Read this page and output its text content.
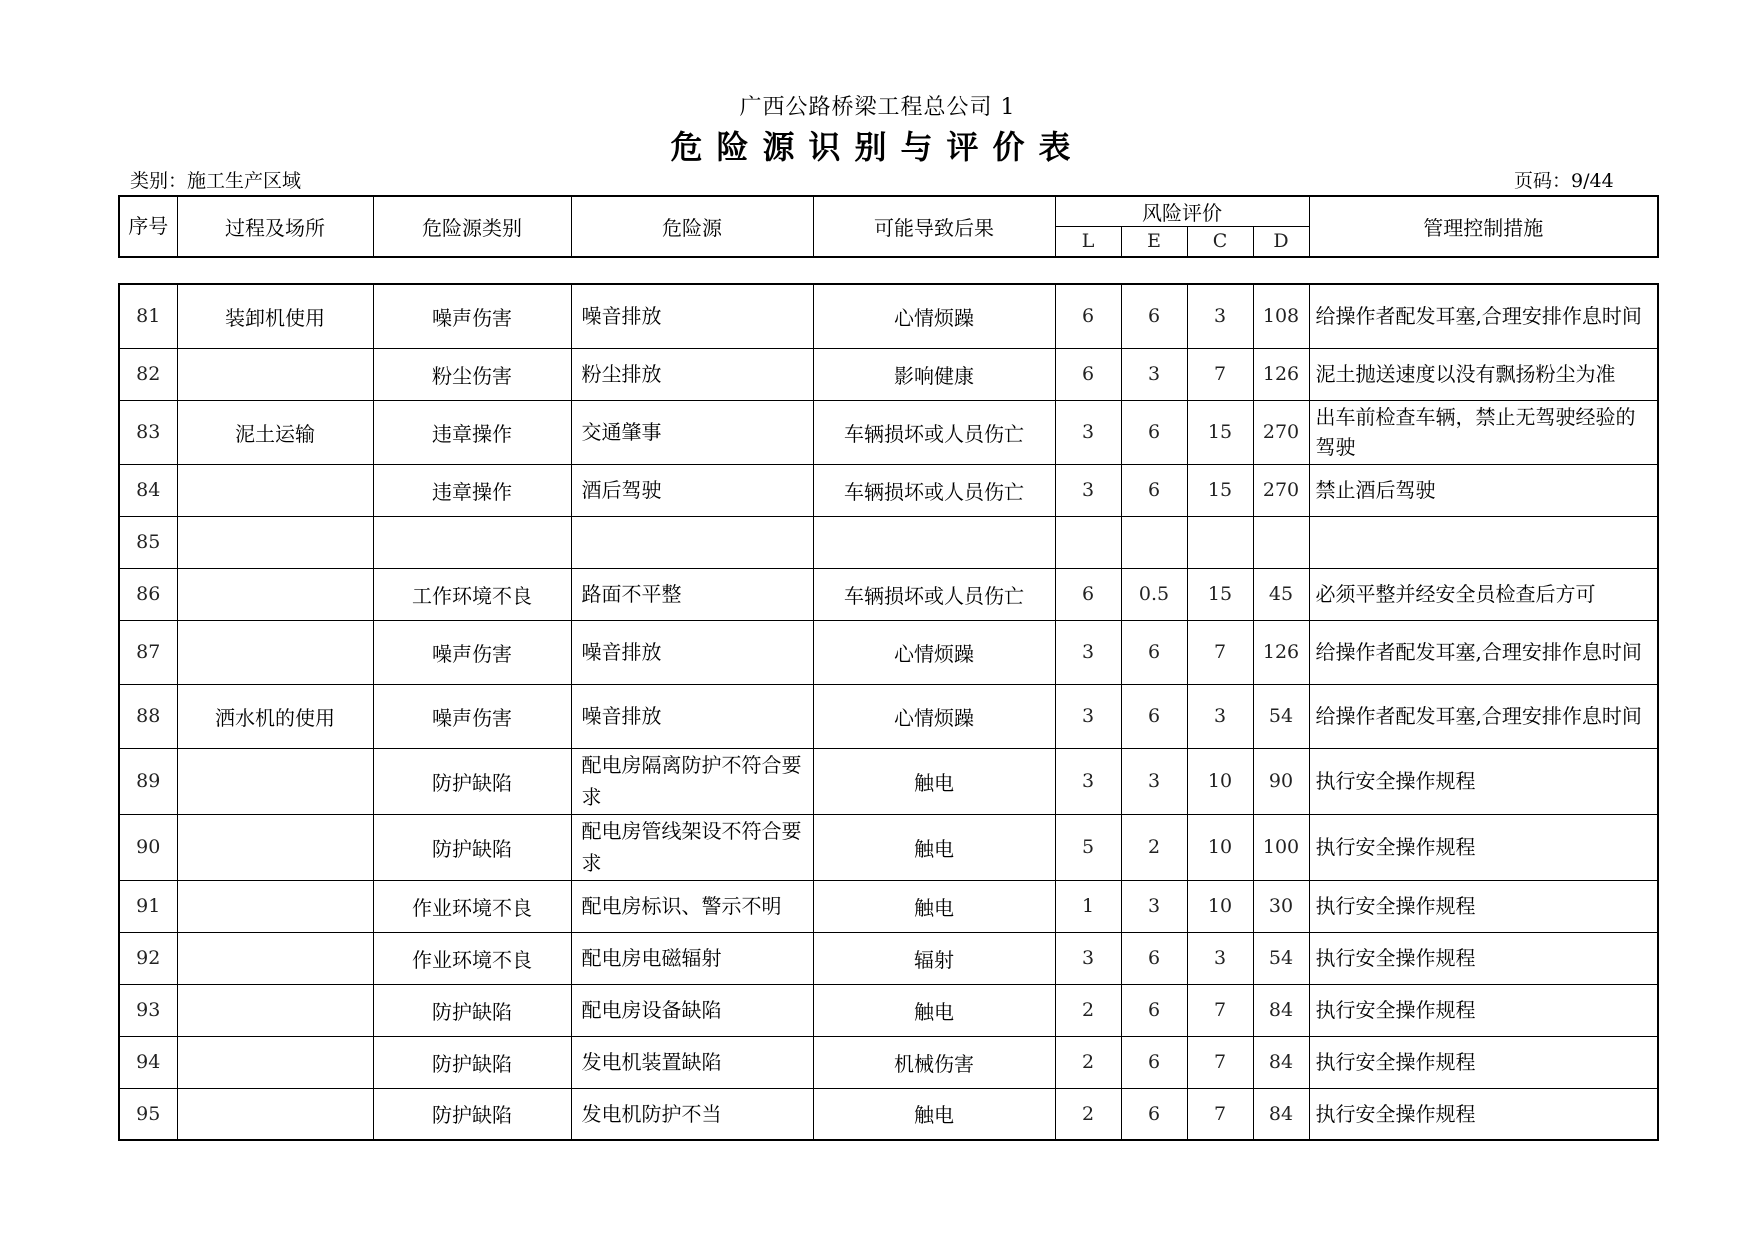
广西公路桥梁工程总公司 1
危险源识别与评价表
类别：施工生产区域	页码：9/44
序号	过程及场所	危险源类别	危险源	可能导致后果	风险评价				管理控制措施
					L	E	C	D	
81	装卸机使用	噪声伤害	噪音排放	心情烦躁	6	6	3	108	给操作者配发耳塞,合理安排作息时间
82		粉尘伤害	粉尘排放	影响健康	6	3	7	126	泥土抛送速度以没有飘扬粉尘为准
83	泥土运输	违章操作	交通肇事	车辆损坏或人员伤亡	3	6	15	270	出车前检查车辆，禁止无驾驶经验的驾驶
84		违章操作	酒后驾驶	车辆损坏或人员伤亡	3	6	15	270	禁止酒后驾驶
85									
86		工作环境不良	路面不平整	车辆损坏或人员伤亡	6	0.5	15	45	必须平整并经安全员检查后方可
87		噪声伤害	噪音排放	心情烦躁	3	6	7	126	给操作者配发耳塞,合理安排作息时间
88	洒水机的使用	噪声伤害	噪音排放	心情烦躁	3	6	3	54	给操作者配发耳塞,合理安排作息时间
89		防护缺陷	配电房隔离防护不符合要求	触电	3	3	10	90	执行安全操作规程
90		防护缺陷	配电房管线架设不符合要求	触电	5	2	10	100	执行安全操作规程
91		作业环境不良	配电房标识、警示不明	触电	1	3	10	30	执行安全操作规程
92		作业环境不良	配电房电磁辐射	辐射	3	6	3	54	执行安全操作规程
93		防护缺陷	配电房设备缺陷	触电	2	6	7	84	执行安全操作规程
94		防护缺陷	发电机装置缺陷	机械伤害	2	6	7	84	执行安全操作规程
95		防护缺陷	发电机防护不当	触电	2	6	7	84	执行安全操作规程
